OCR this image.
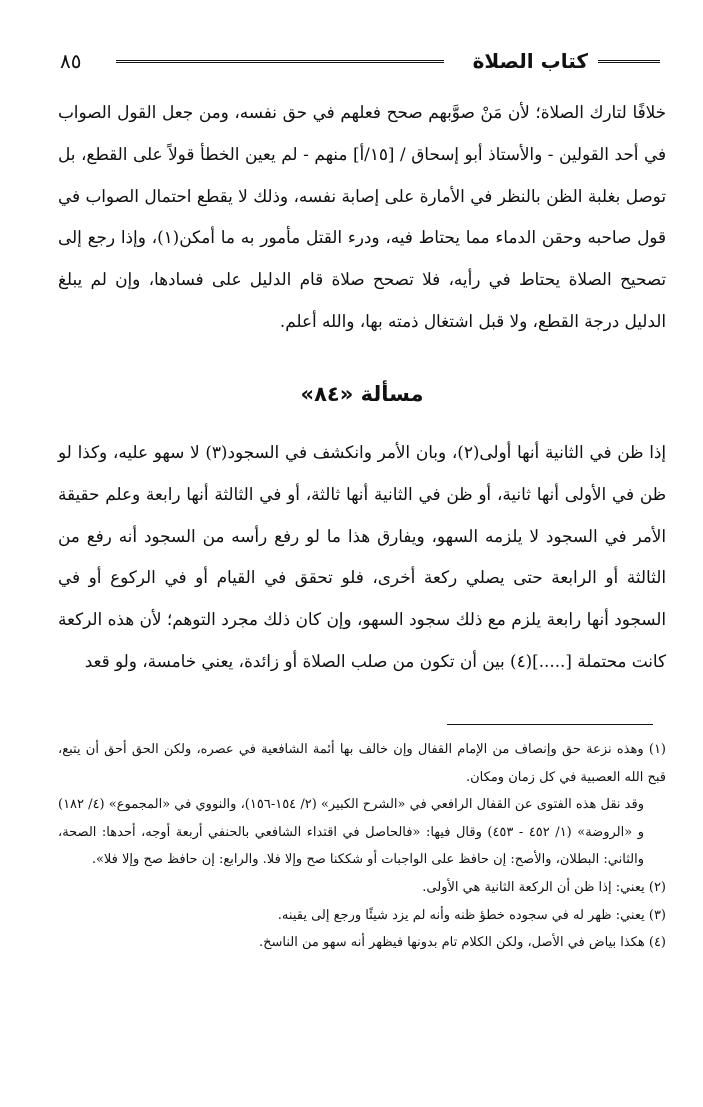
كتاب الصلاة
٨٥

خلافًا لتارك الصلاة؛ لأن مَنْ صوَّبهم صحح فعلهم في حق نفسه، ومن جعل القول الصواب في أحد القولين - والأستاذ أبو إسحاق / [١٥/أ] منهم - لم يعين الخطأ قولاً على القطع، بل توصل بغلبة الظن بالنظر في الأمارة على إصابة نفسه، وذلك لا يقطع احتمال الصواب في قول صاحبه وحقن الدماء مما يحتاط فيه، ودرء القتل مأمور به ما أمكن(١)، وإذا رجع إلى تصحيح الصلاة يحتاط في رأيه، فلا تصحح صلاة قام الدليل على فسادها، وإن لم يبلغ الدليل درجة القطع، ولا قبل اشتغال ذمته بها، والله أعلم.

مسألة «٨٤»

إذا ظن في الثانية أنها أولى(٢)، وبان الأمر وانكشف في السجود(٣) لا سهو عليه، وكذا لو ظن في الأولى أنها ثانية، أو ظن في الثانية أنها ثالثة، أو في الثالثة أنها رابعة وعلم حقيقة الأمر في السجود لا يلزمه السهو، ويفارق هذا ما لو رفع رأسه من السجود أنه رفع من الثالثة أو الرابعة حتى يصلي ركعة أخرى، فلو تحقق في القيام أو في الركوع أو في السجود أنها رابعة يلزم مع ذلك سجود السهو، وإن كان ذلك مجرد التوهم؛ لأن هذه الركعة كانت محتملة [.....](٤) بين أن تكون من صلب الصلاة أو زائدة، يعني خامسة، ولو قعد

(١) وهذه نزعة حق وإنصاف من الإمام القفال وإن خالف بها أئمة الشافعية في عصره، ولكن الحق أحق أن يتبع، قبح الله العصبية في كل زمان ومكان.

وقد نقل هذه الفتوى عن القفال الرافعي في «الشرح الكبير» (٢/ ١٥٤-١٥٦)، والنووي في «المجموع» (٤/ ١٨٢) و «الروضة» (١/ ٤٥٢ - ٤٥٣) وقال فيها: «فالحاصل في اقتداء الشافعي بالحنفي أربعة أوجه، أحدها: الصحة، والثاني: البطلان، والأصح: إن حافظ على الواجبات أو شككنا صح وإلا فلا. والرابع: إن حافظ صح وإلا فلا».

(٢) يعني: إذا ظن أن الركعة الثانية هي الأولى.

(٣) يعني: ظهر له في سجوده خطؤ ظنه وأنه لم يزد شيئًا ورجع إلى يقينه.

(٤) هكذا بياض في الأصل، ولكن الكلام تام بدونها فيظهر أنه سهو من الناسخ.
